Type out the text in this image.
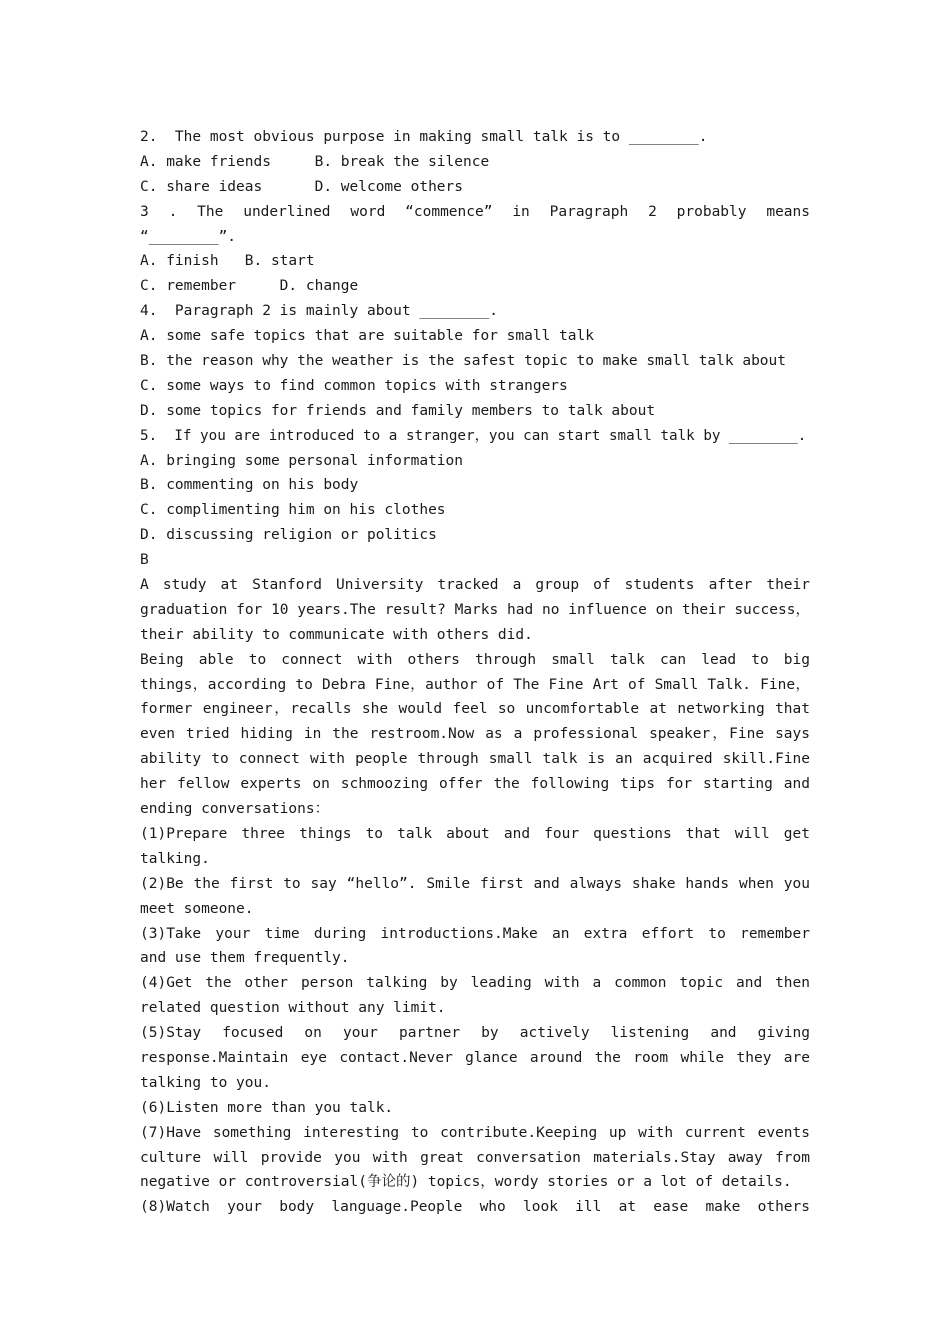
2.  The most obvious purpose in making small talk is to ________.
A. make friends     B. break the silence
C. share ideas      D. welcome others
3 . The underlined word “commence” in Paragraph 2 probably means
“________”.
A. finish   B. start
C. remember     D. change
4.  Paragraph 2 is mainly about ________.
A. some safe topics that are suitable for small talk
B. the reason why the weather is the safest topic to make small talk about
C. some ways to find common topics with strangers
D. some topics for friends and family members to talk about
5.  If you are introduced to a stranger，you can start small talk by ________.
A. bringing some personal information
B. commenting on his body
C. complimenting him on his clothes
D. discussing religion or politics
B
A study at Stanford University tracked a group of students after their
graduation for 10 years.The result? Marks had no influence on their success，
their ability to communicate with others did.
Being able to connect with others through small talk can lead to big
things，according to Debra Fine，author of The Fine Art of Small Talk. Fine，
former engineer，recalls she would feel so uncomfortable at networking that
even tried hiding in the restroom.Now as a professional speaker，Fine says
ability to connect with people through small talk is an acquired skill.Fine
her fellow experts on schmoozing offer the following tips for starting and
ending conversations：
(1)Prepare three things to talk about and four questions that will get
talking.
(2)Be the first to say “hello”. Smile first and always shake hands when you
meet someone.
(3)Take your time during introductions.Make an extra effort to remember
and use them frequently.
(4)Get the other person talking by leading with a common topic and then
related question without any limit.
(5)Stay focused on your partner by actively listening and giving
response.Maintain eye contact.Never glance around the room while they are
talking to you.
(6)Listen more than you talk.
(7)Have something interesting to contribute.Keeping up with current events
culture will provide you with great conversation materials.Stay away from
negative or controversial(争论的) topics，wordy stories or a lot of details.
(8)Watch your body language.People who look ill at ease make others
